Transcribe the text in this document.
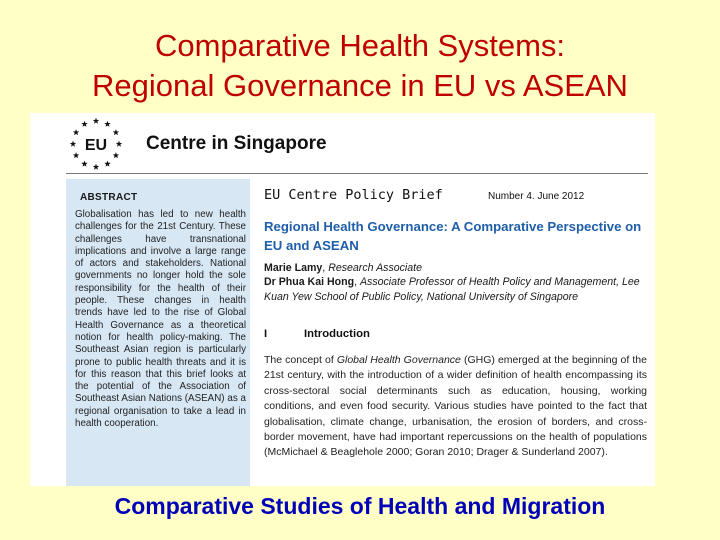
Comparative Health Systems:
Regional Governance in EU vs ASEAN
EU Centre in Singapore
ABSTRACT
Globalisation has led to new health challenges for the 21st Century. These challenges have transnational implications and involve a large range of actors and stakeholders. National governments no longer hold the sole responsibility for the health of their people. These changes in health trends have led to the rise of Global Health Governance as a theoretical notion for health policy-making. The Southeast Asian region is particularly prone to public health threats and it is for this reason that this brief looks at the potential of the Association of Southeast Asian Nations (ASEAN) as a regional organisation to take a lead in health cooperation.
EU Centre Policy Brief	Number 4. June 2012
Regional Health Governance: A Comparative Perspective on EU and ASEAN
Marie Lamy, Research Associate
Dr Phua Kai Hong, Associate Professor of Health Policy and Management, Lee Kuan Yew School of Public Policy, National University of Singapore
I	Introduction
The concept of Global Health Governance (GHG) emerged at the beginning of the 21st century, with the introduction of a wider definition of health encompassing its cross-sectoral social determinants such as education, housing, working conditions, and even food security. Various studies have pointed to the fact that globalisation, climate change, urbanisation, the erosion of borders, and cross-border movement, have had important repercussions on the health of populations (McMichael & Beaglehole 2000; Goran 2010; Drager & Sunderland 2007).
Comparative Studies of Health and Migration
